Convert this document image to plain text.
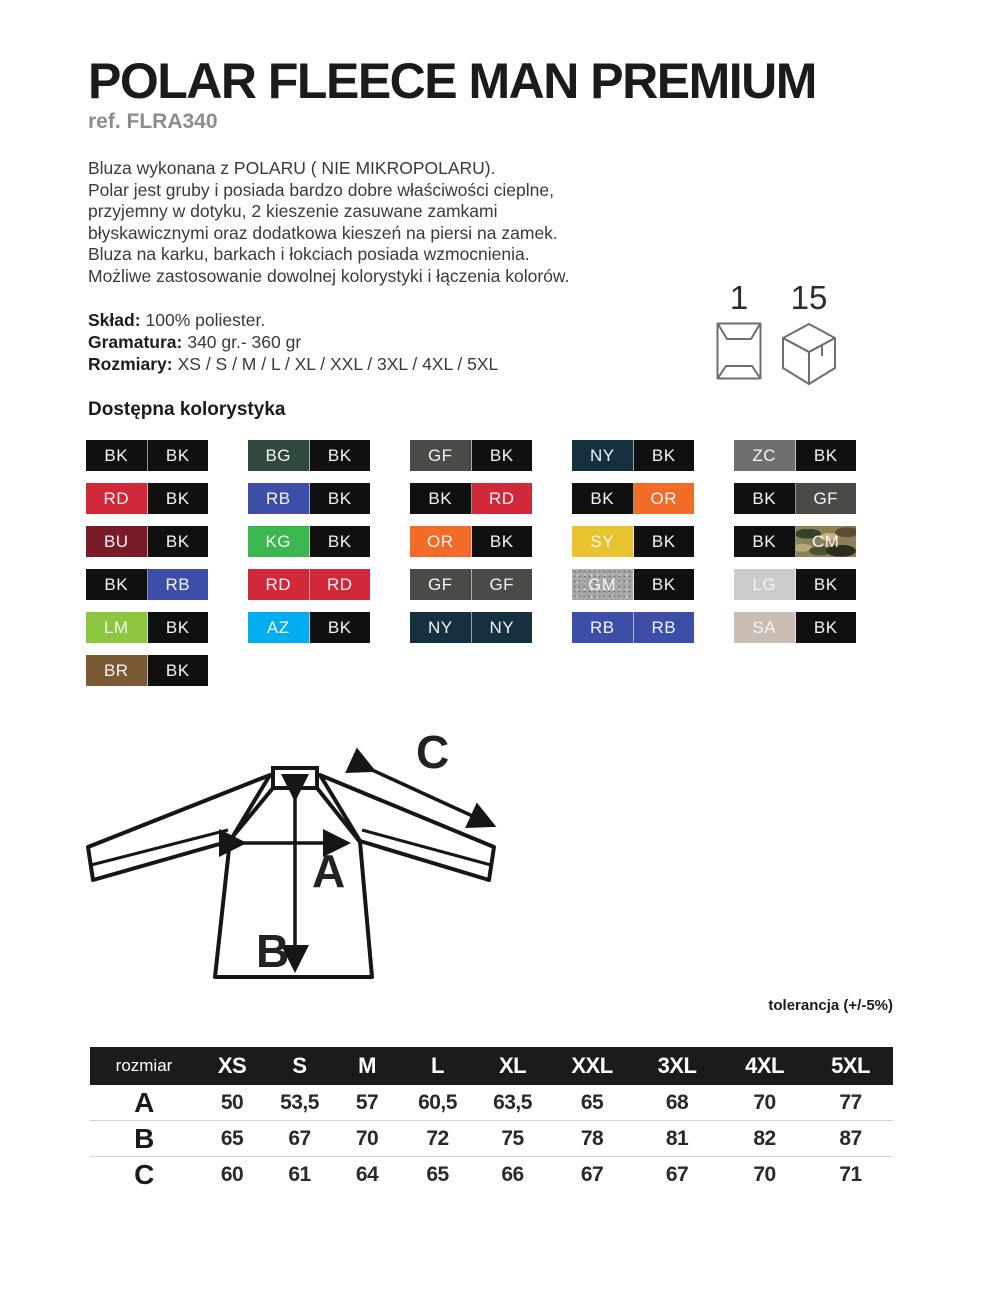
POLAR FLEECE MAN PREMIUM
ref. FLRA340
Bluza wykonana z POLARU ( NIE MIKROPOLARU).
Polar jest gruby i posiada bardzo dobre właściwości cieplne,
przyjemny w dotyku, 2 kieszenie zasuwane zamkami
błyskawicznymi oraz dodatkowa kieszeń na piersi na zamek.
Bluza na karku, barkach i łokciach posiada wzmocnienia.
Możliwe zastosowanie dowolnej kolorystyki i łączenia kolorów.
Skład: 100% poliester.
Gramatura: 340 gr.- 360 gr
Rozmiary: XS / S / M / L / XL / XXL / 3XL / 4XL / 5XL
Dostępna kolorystyka
1 15
BK BK
RD BK
BU BK
BK RB
LM BK
BR BK
BG BK
RB BK
KG BK
RD RD
AZ BK
GF BK
BK RD
OR BK
GF GF
NY NY
NY BK
BK OR
SY BK
GM BK
RB RB
ZC BK
BK GF
BK CM
LG BK
SA BK
A
B
C
tolerancja (+/-5%)
rozmiar	XS	S	M	L	XL	XXL	3XL	4XL	5XL
A	50	53,5	57	60,5	63,5	65	68	70	77
B	65	67	70	72	75	78	81	82	87
C	60	61	64	65	66	67	67	70	71
